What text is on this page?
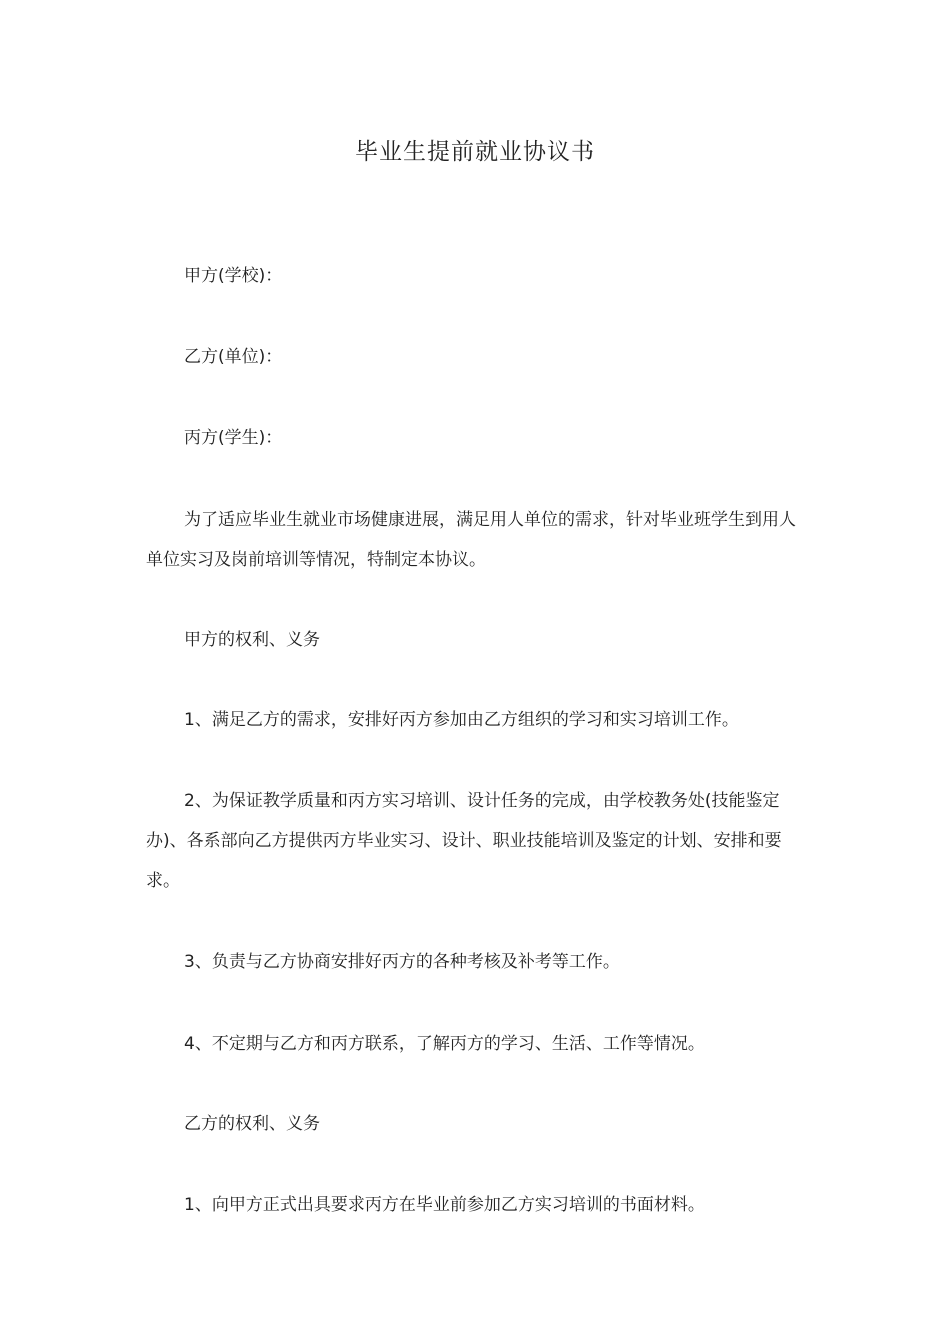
毕业生提前就业协议书

甲方(学校)：

乙方(单位)：

丙方(学生)：

为了适应毕业生就业市场健康进展，满足用人单位的需求，针对毕业班学生到用人单位实习及岗前培训等情况，特制定本协议。

甲方的权利、义务

1、满足乙方的需求，安排好丙方参加由乙方组织的学习和实习培训工作。

2、为保证教学质量和丙方实习培训、设计任务的完成，由学校教务处(技能鉴定办)、各系部向乙方提供丙方毕业实习、设计、职业技能培训及鉴定的计划、安排和要求。

3、负责与乙方协商安排好丙方的各种考核及补考等工作。

4、不定期与乙方和丙方联系，了解丙方的学习、生活、工作等情况。

乙方的权利、义务

1、向甲方正式出具要求丙方在毕业前参加乙方实习培训的书面材料。
